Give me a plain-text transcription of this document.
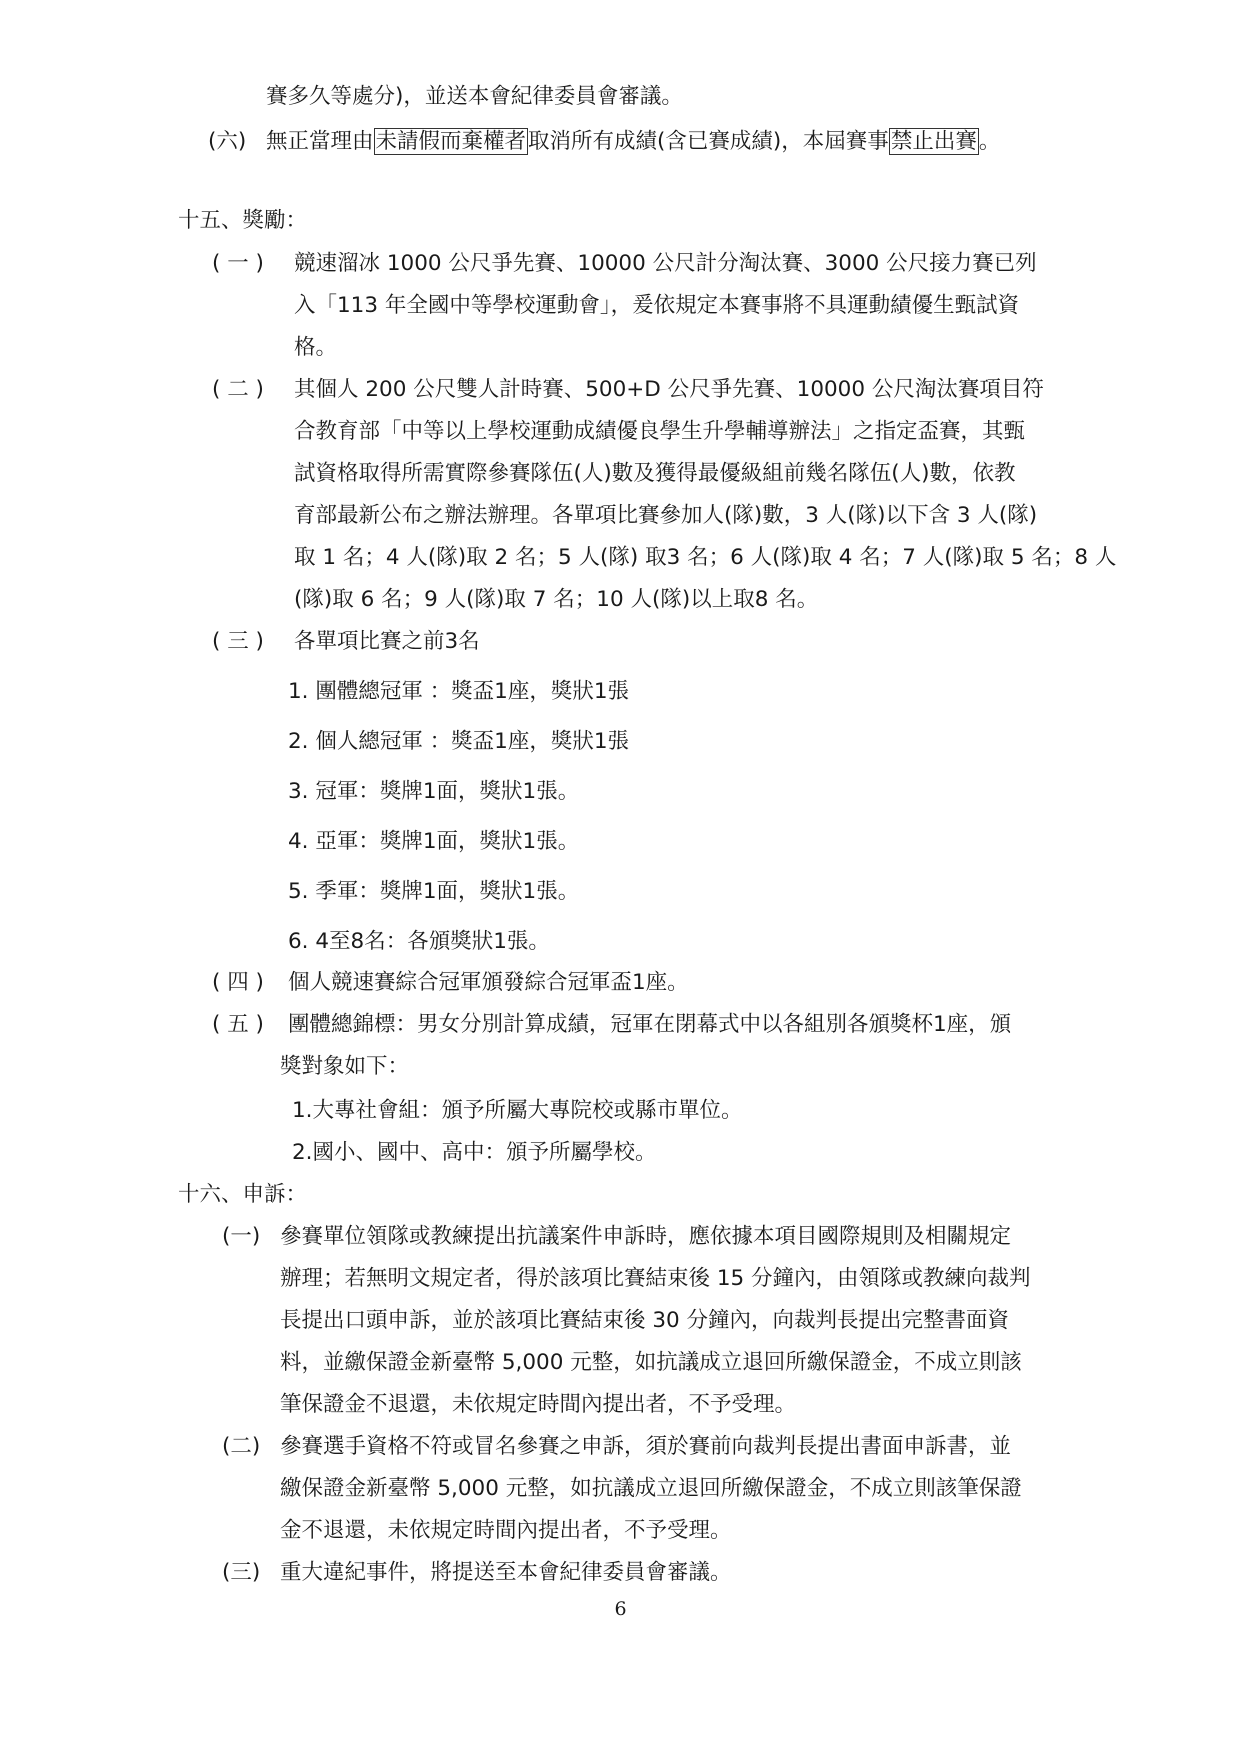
賽多久等處分)，並送本會紀律委員會審議。
(六) 無正當理由未請假而棄權者取消所有成績(含已賽成績)，本屆賽事禁止出賽。
十五、獎勵：
( 一 ) 競速溜冰 1000 公尺爭先賽、10000 公尺計分淘汰賽、3000 公尺接力賽已列
入「113 年全國中等學校運動會」，爰依規定本賽事將不具運動績優生甄試資
格。
( 二 ) 其個人 200 公尺雙人計時賽、500+D 公尺爭先賽、10000 公尺淘汰賽項目符
合教育部「中等以上學校運動成績優良學生升學輔導辦法」之指定盃賽，其甄
試資格取得所需實際參賽隊伍(人)數及獲得最優級組前幾名隊伍(人)數，依教
育部最新公布之辦法辦理。各單項比賽參加人(隊)數，3 人(隊)以下含 3 人(隊)
取 1 名；4 人(隊)取 2 名；5 人(隊) 取3 名；6 人(隊)取 4 名；7 人(隊)取 5 名；8 人
(隊)取 6 名；9 人(隊)取 7 名；10 人(隊)以上取8 名。
( 三 ) 各單項比賽之前3名
1. 團體總冠軍 ：獎盃1座，獎狀1張
2. 個人總冠軍 ：獎盃1座，獎狀1張
3. 冠軍：獎牌1面，獎狀1張。
4. 亞軍：獎牌1面，獎狀1張。
5. 季軍：獎牌1面，獎狀1張。
6. 4至8名：各頒獎狀1張。
( 四 ) 個人競速賽綜合冠軍頒發綜合冠軍盃1座。
( 五 ) 團體總錦標：男女分別計算成績，冠軍在閉幕式中以各組別各頒獎杯1座，頒
獎對象如下：
1.大專社會組：頒予所屬大專院校或縣市單位。
2.國小、國中、高中：頒予所屬學校。
十六、申訴：
(一) 參賽單位領隊或教練提出抗議案件申訴時，應依據本項目國際規則及相關規定
辦理；若無明文規定者，得於該項比賽結束後 15 分鐘內，由領隊或教練向裁判
長提出口頭申訴，並於該項比賽結束後 30 分鐘內，向裁判長提出完整書面資
料，並繳保證金新臺幣 5,000 元整，如抗議成立退回所繳保證金，不成立則該
筆保證金不退還，未依規定時間內提出者，不予受理。
(二) 參賽選手資格不符或冒名參賽之申訴，須於賽前向裁判長提出書面申訴書，並
繳保證金新臺幣 5,000 元整，如抗議成立退回所繳保證金，不成立則該筆保證
金不退還，未依規定時間內提出者，不予受理。
(三) 重大違紀事件，將提送至本會紀律委員會審議。
6
